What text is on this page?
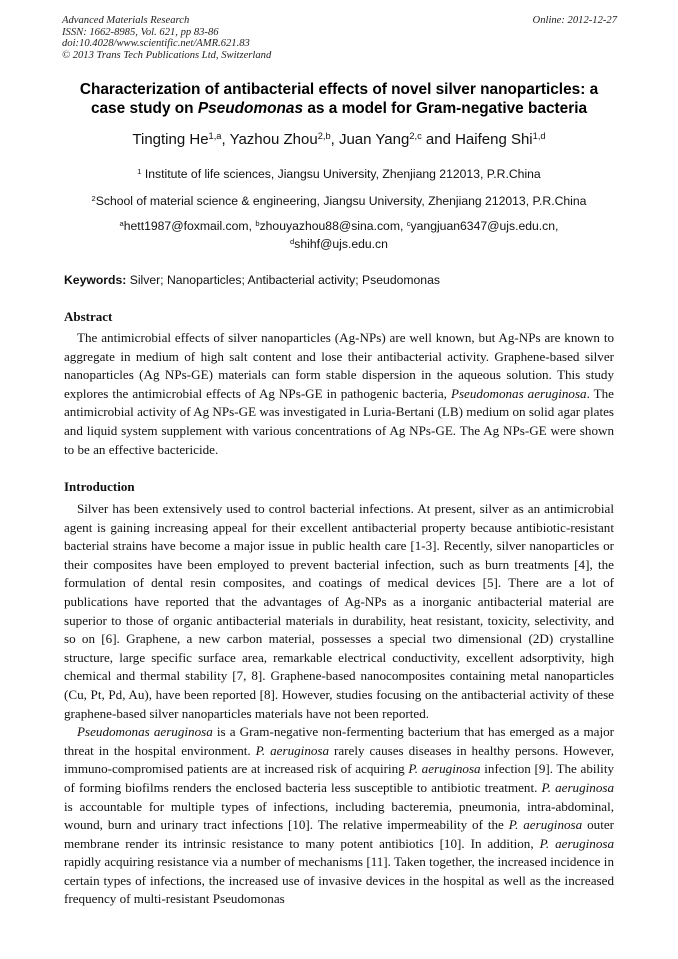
Advanced Materials Research	Online: 2012-12-27
ISSN: 1662-8985, Vol. 621, pp 83-86
doi:10.4028/www.scientific.net/AMR.621.83
© 2013 Trans Tech Publications Ltd, Switzerland
Characterization of antibacterial effects of novel silver nanoparticles: a
case study on Pseudomonas as a model for Gram-negative bacteria
Tingting He$^{1,a}$, Yazhou Zhou$^{2,b}$, Juan Yang$^{2,c}$ and Haifeng Shi$^{1,d}$
$^1$ Institute of life sciences, Jiangsu University, Zhenjiang 212013, P.R.China
$^2$School of material science & engineering, Jiangsu University, Zhenjiang 212013, P.R.China
$^a$hett1987@foxmail.com, $^b$zhouyazhou88@sina.com, $^c$yangjuan6347@ujs.edu.cn,
$^d$shihf@ujs.edu.cn
Keywords: Silver; Nanoparticles; Antibacterial activity; Pseudomonas
Abstract

The antimicrobial effects of silver nanoparticles (Ag-NPs) are well known, but Ag-NPs are known to aggregate in medium of high salt content and lose their antibacterial activity. Graphene-based silver nanoparticles (Ag NPs-GE) materials can form stable dispersion in the aqueous solution. This study explores the antimicrobial effects of Ag NPs-GE in pathogenic bacteria, Pseudomonas aeruginosa. The antimicrobial activity of Ag NPs-GE was investigated in Luria-Bertani (LB) medium on solid agar plates and liquid system supplement with various concentrations of Ag NPs-GE. The Ag NPs-GE were shown to be an effective bactericide.

Introduction

Silver has been extensively used to control bacterial infections. At present, silver as an antimicrobial agent is gaining increasing appeal for their excellent antibacterial property because antibiotic-resistant bacterial strains have become a major issue in public health care [1-3]. Recently, silver nanoparticles or their composites have been employed to prevent bacterial infection, such as burn treatments [4], the formulation of dental resin composites, and coatings of medical devices [5]. There are a lot of publications have reported that the advantages of Ag-NPs as a inorganic antibacterial material are superior to those of organic antibacterial materials in durability, heat resistant, toxicity, selectivity, and so on [6]. Graphene, a new carbon material, possesses a special two dimensional (2D) crystalline structure, large specific surface area, remarkable electrical conductivity, excellent adsorptivity, high chemical and thermal stability [7, 8]. Graphene-based nanocomposites containing metal nanoparticles (Cu, Pt, Pd, Au), have been reported [8]. However, studies focusing on the antibacterial activity of these graphene-based silver nanoparticles materials have not been reported.

Pseudomonas aeruginosa is a Gram-negative non-fermenting bacterium that has emerged as a major threat in the hospital environment. P. aeruginosa rarely causes diseases in healthy persons. However, immuno-compromised patients are at increased risk of acquiring P. aeruginosa infection [9]. The ability of forming biofilms renders the enclosed bacteria less susceptible to antibiotic treatment. P. aeruginosa is accountable for multiple types of infections, including bacteremia, pneumonia, intra-abdominal, wound, burn and urinary tract infections [10]. The relative impermeability of the P. aeruginosa outer membrane render its intrinsic resistance to many potent antibiotics [10]. In addition, P. aeruginosa rapidly acquiring resistance via a number of mechanisms [11]. Taken together, the increased incidence in certain types of infections, the increased use of invasive devices in the hospital as well as the increased frequency of multi-resistant Pseudomonas
